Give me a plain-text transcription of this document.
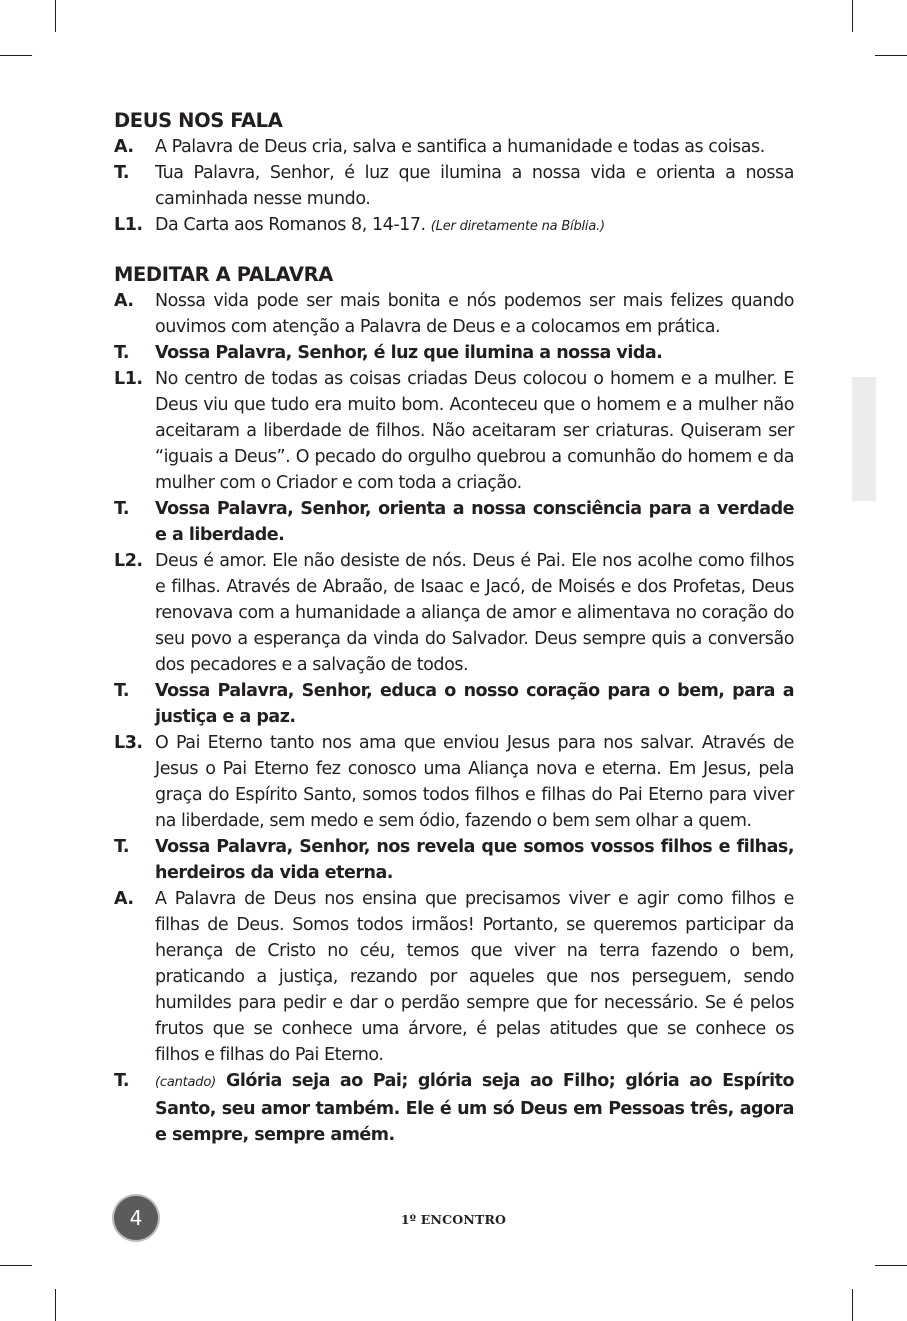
DEUS NOS FALA
A.	A Palavra de Deus cria, salva e santifica a humanidade e todas as coisas.
T.	Tua Palavra, Senhor, é luz que ilumina a nossa vida e orienta a nossa caminhada nesse mundo.
L1. Da Carta aos Romanos 8, 14-17. (Ler diretamente na Bíblia.)
MEDITAR A PALAVRA
A.	Nossa vida pode ser mais bonita e nós podemos ser mais felizes quando ouvimos com atenção a Palavra de Deus e a colocamos em prática.
T.	Vossa Palavra, Senhor, é luz que ilumina a nossa vida.
L1. No centro de todas as coisas criadas Deus colocou o homem e a mulher. E Deus viu que tudo era muito bom. Aconteceu que o homem e a mulher não aceitaram a liberdade de filhos. Não aceitaram ser criaturas. Quiseram ser “iguais a Deus”. O pecado do orgulho quebrou a comunhão do homem e da mulher com o Criador e com toda a criação.
T.	Vossa Palavra, Senhor, orienta a nossa consciência para a verdade e a liberdade.
L2. Deus é amor. Ele não desiste de nós. Deus é Pai. Ele nos acolhe como filhos e filhas. Através de Abraão, de Isaac e Jacó, de Moisés e dos Profetas, Deus renovava com a humanidade a aliança de amor e alimentava no coração do seu povo a esperança da vinda do Salvador. Deus sempre quis a conversão dos pecadores e a salvação de todos.
T.	Vossa Palavra, Senhor, educa o nosso coração para o bem, para a justiça e a paz.
L3. O Pai Eterno tanto nos ama que enviou Jesus para nos salvar. Através de Jesus o Pai Eterno fez conosco uma Aliança nova e eterna. Em Jesus, pela graça do Espírito Santo, somos todos filhos e filhas do Pai Eterno para viver na liberdade, sem medo e sem ódio, fazendo o bem sem olhar a quem.
T.	Vossa Palavra, Senhor, nos revela que somos vossos filhos e filhas, herdeiros da vida eterna.
A.	A Palavra de Deus nos ensina que precisamos viver e agir como filhos e filhas de Deus. Somos todos irmãos! Portanto, se queremos participar da herança de Cristo no céu, temos que viver na terra fazendo o bem, praticando a justiça, rezando por aqueles que nos perseguem, sendo humildes para pedir e dar o perdão sempre que for necessário. Se é pelos frutos que se conhece uma árvore, é pelas atitudes que se conhece os filhos e filhas do Pai Eterno.
T.	(cantado) Glória seja ao Pai; glória seja ao Filho; glória ao Espírito Santo, seu amor também. Ele é um só Deus em Pessoas três, agora e sempre, sempre amém.
4	1º ENCONTRO
